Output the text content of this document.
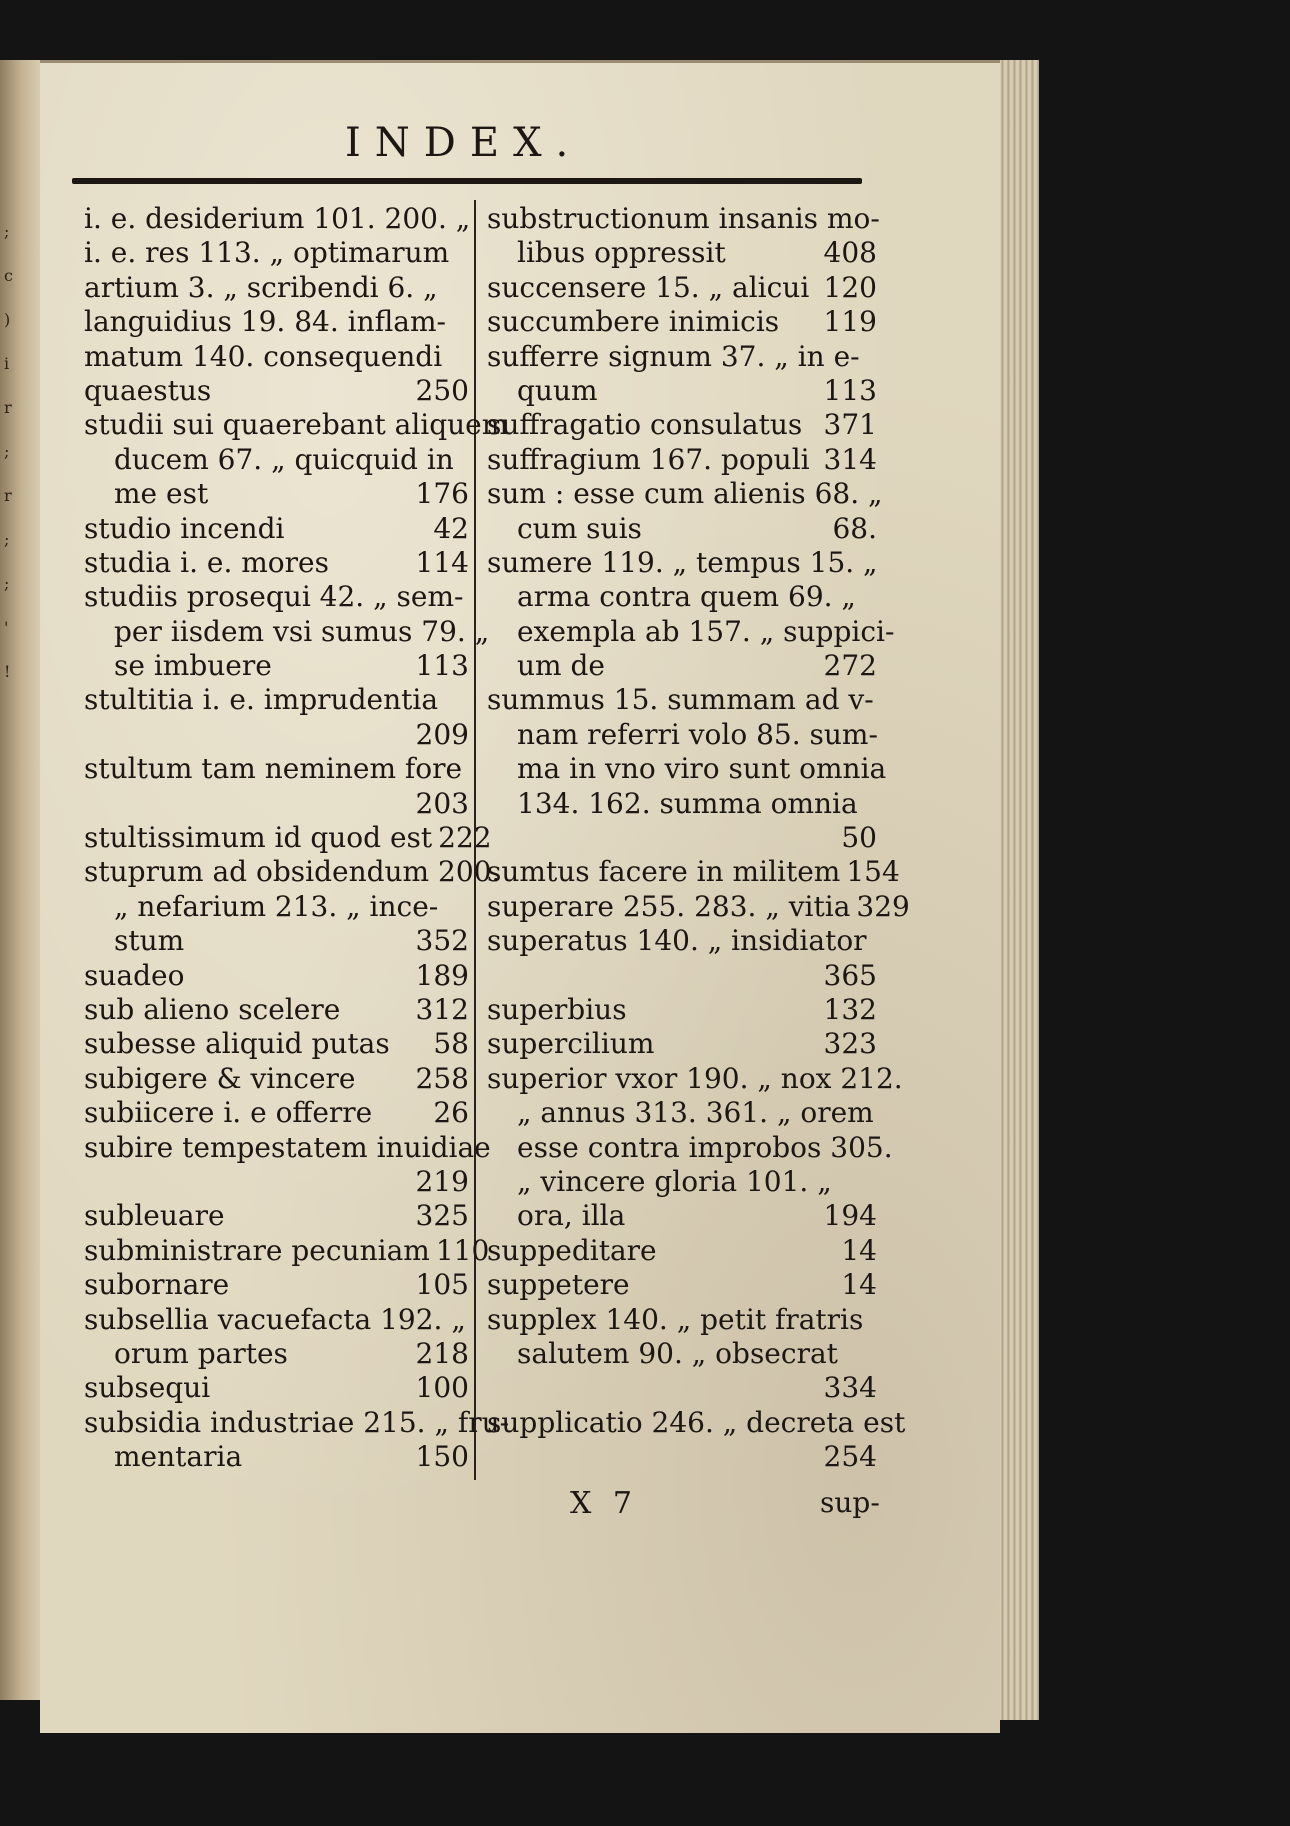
;
c
)
i
r
;
r
;
;
'
!
INDEX.
i. e. desiderium 101. 200. „
i. e. res 113. „ optimarum
artium 3. „ scribendi 6. „
languidius 19. 84. inflam-
matum 140. consequendi
quaestus	250
studii sui quaerebant aliquem
ducem 67. „ quicquid in
me est	176
studio incendi	42
studia i. e. mores	114
studiis prosequi 42. „ sem-
per iisdem vsi sumus 79. „
se imbuere	113
stultitia i. e. imprudentia
209
stultum tam neminem fore
203
stultissimum id quod est 222
stuprum ad obsidendum 200.
„ nefarium 213. „ ince-
stum	352
suadeo	189
sub alieno scelere	312
subesse aliquid putas	58
subigere & vincere	258
subiicere i. e offerre	26
subire tempestatem inuidiae
219
subleuare	325
subministrare pecuniam 110
subornare	105
subsellia vacuefacta 192. „
orum partes	218
subsequi	100
subsidia industriae 215. „ fru-
mentaria	150
substructionum insanis mo-
libus oppressit	408
succensere 15. „ alicui 120
succumbere inimicis	119
sufferre signum 37. „ in e-
quum	113
suffragatio consulatus 371
suffragium 167. populi 314
sum : esse cum alienis 68. „
cum suis	68.
sumere 119. „ tempus 15. „
arma contra quem 69. „
exempla ab 157. „ suppici-
um de	272
summus 15. summam ad v-
nam referri volo 85. sum-
ma in vno viro sunt omnia
134. 162. summa omnia
50
sumtus facere in militem 154
superare 255. 283. „ vitia 329
superatus 140. „ insidiator
365
superbius	132
supercilium	323
superior vxor 190. „ nox 212.
„ annus 313. 361. „ orem
esse contra improbos 305.
„ vincere gloria 101. „
ora, illa	194
suppeditare	14
suppetere	14
supplex 140. „ petit fratris
salutem 90. „ obsecrat
334
supplicatio 246. „ decreta est
254
X 7	sup-
